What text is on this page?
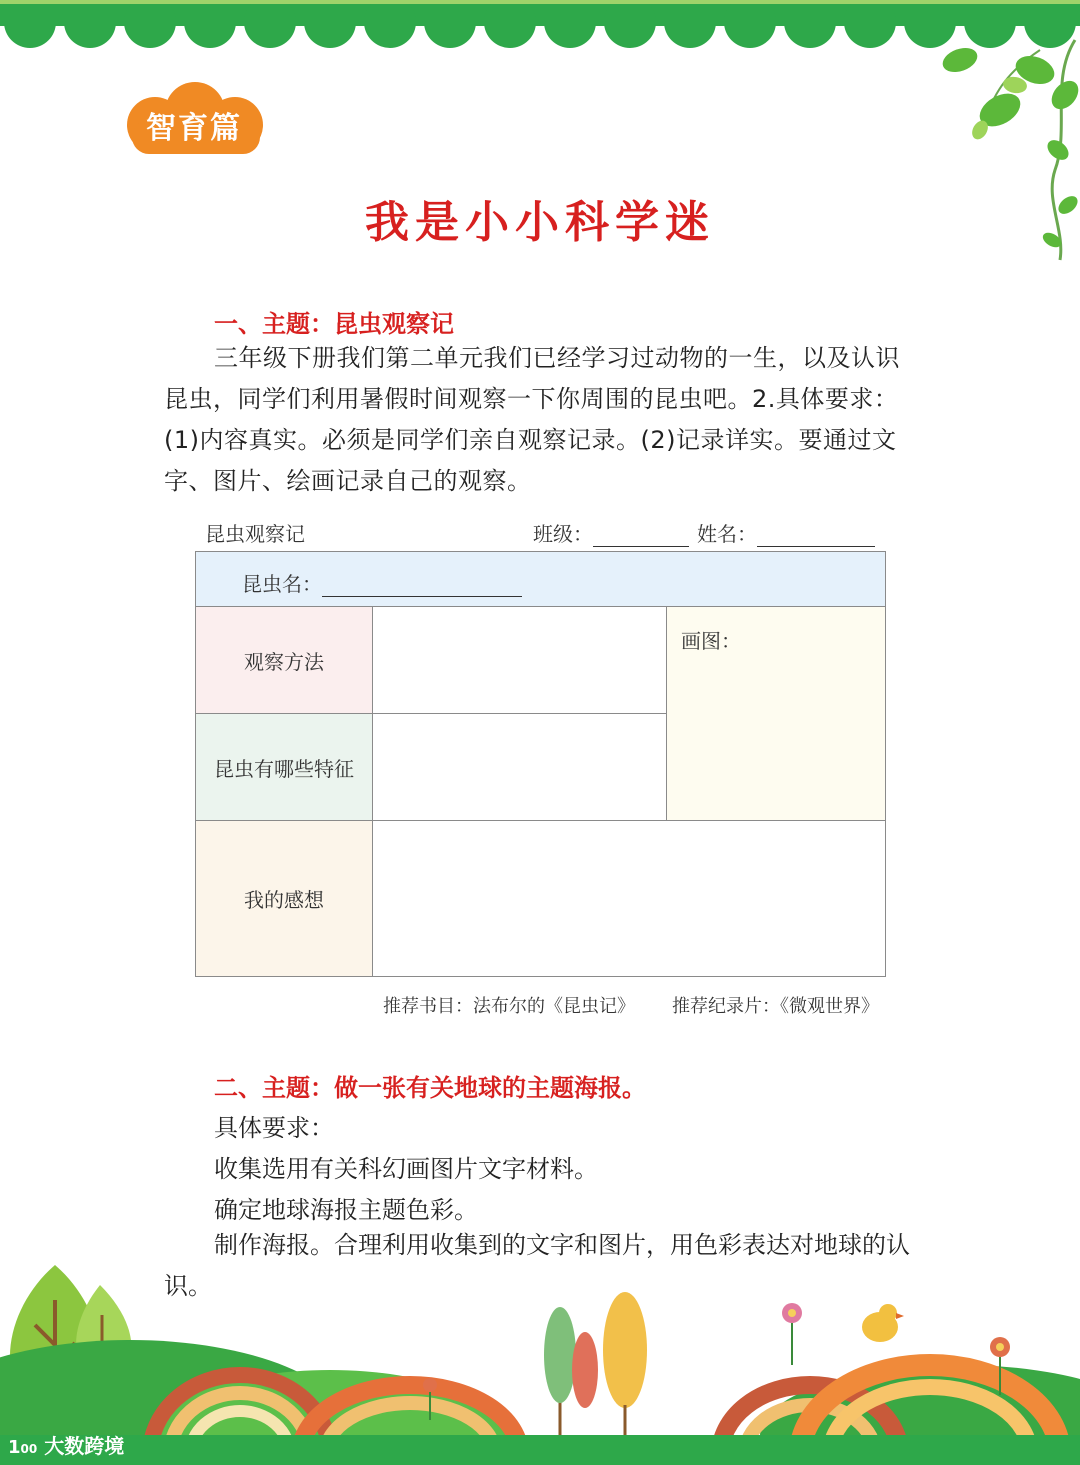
智育篇
我是小小科学迷
一、主题：昆虫观察记
三年级下册我们第二单元我们已经学习过动物的一生，以及认识昆虫，同学们利用暑假时间观察一下你周围的昆虫吧。2.具体要求：(1)内容真实。必须是同学们亲自观察记录。(2)记录详实。要通过文字、图片、绘画记录自己的观察。
昆虫观察记	班级：	姓名：
昆虫名：
观察方法
昆虫有哪些特征
画图：
我的感想
推荐书目：法布尔的《昆虫记》 推荐纪录片：《微观世界》
二、主题：做一张有关地球的主题海报。
具体要求：
收集选用有关科幻画图片文字材料。
确定地球海报主题色彩。
制作海报。合理利用收集到的文字和图片，用色彩表达对地球的认识。
100 大数跨境
